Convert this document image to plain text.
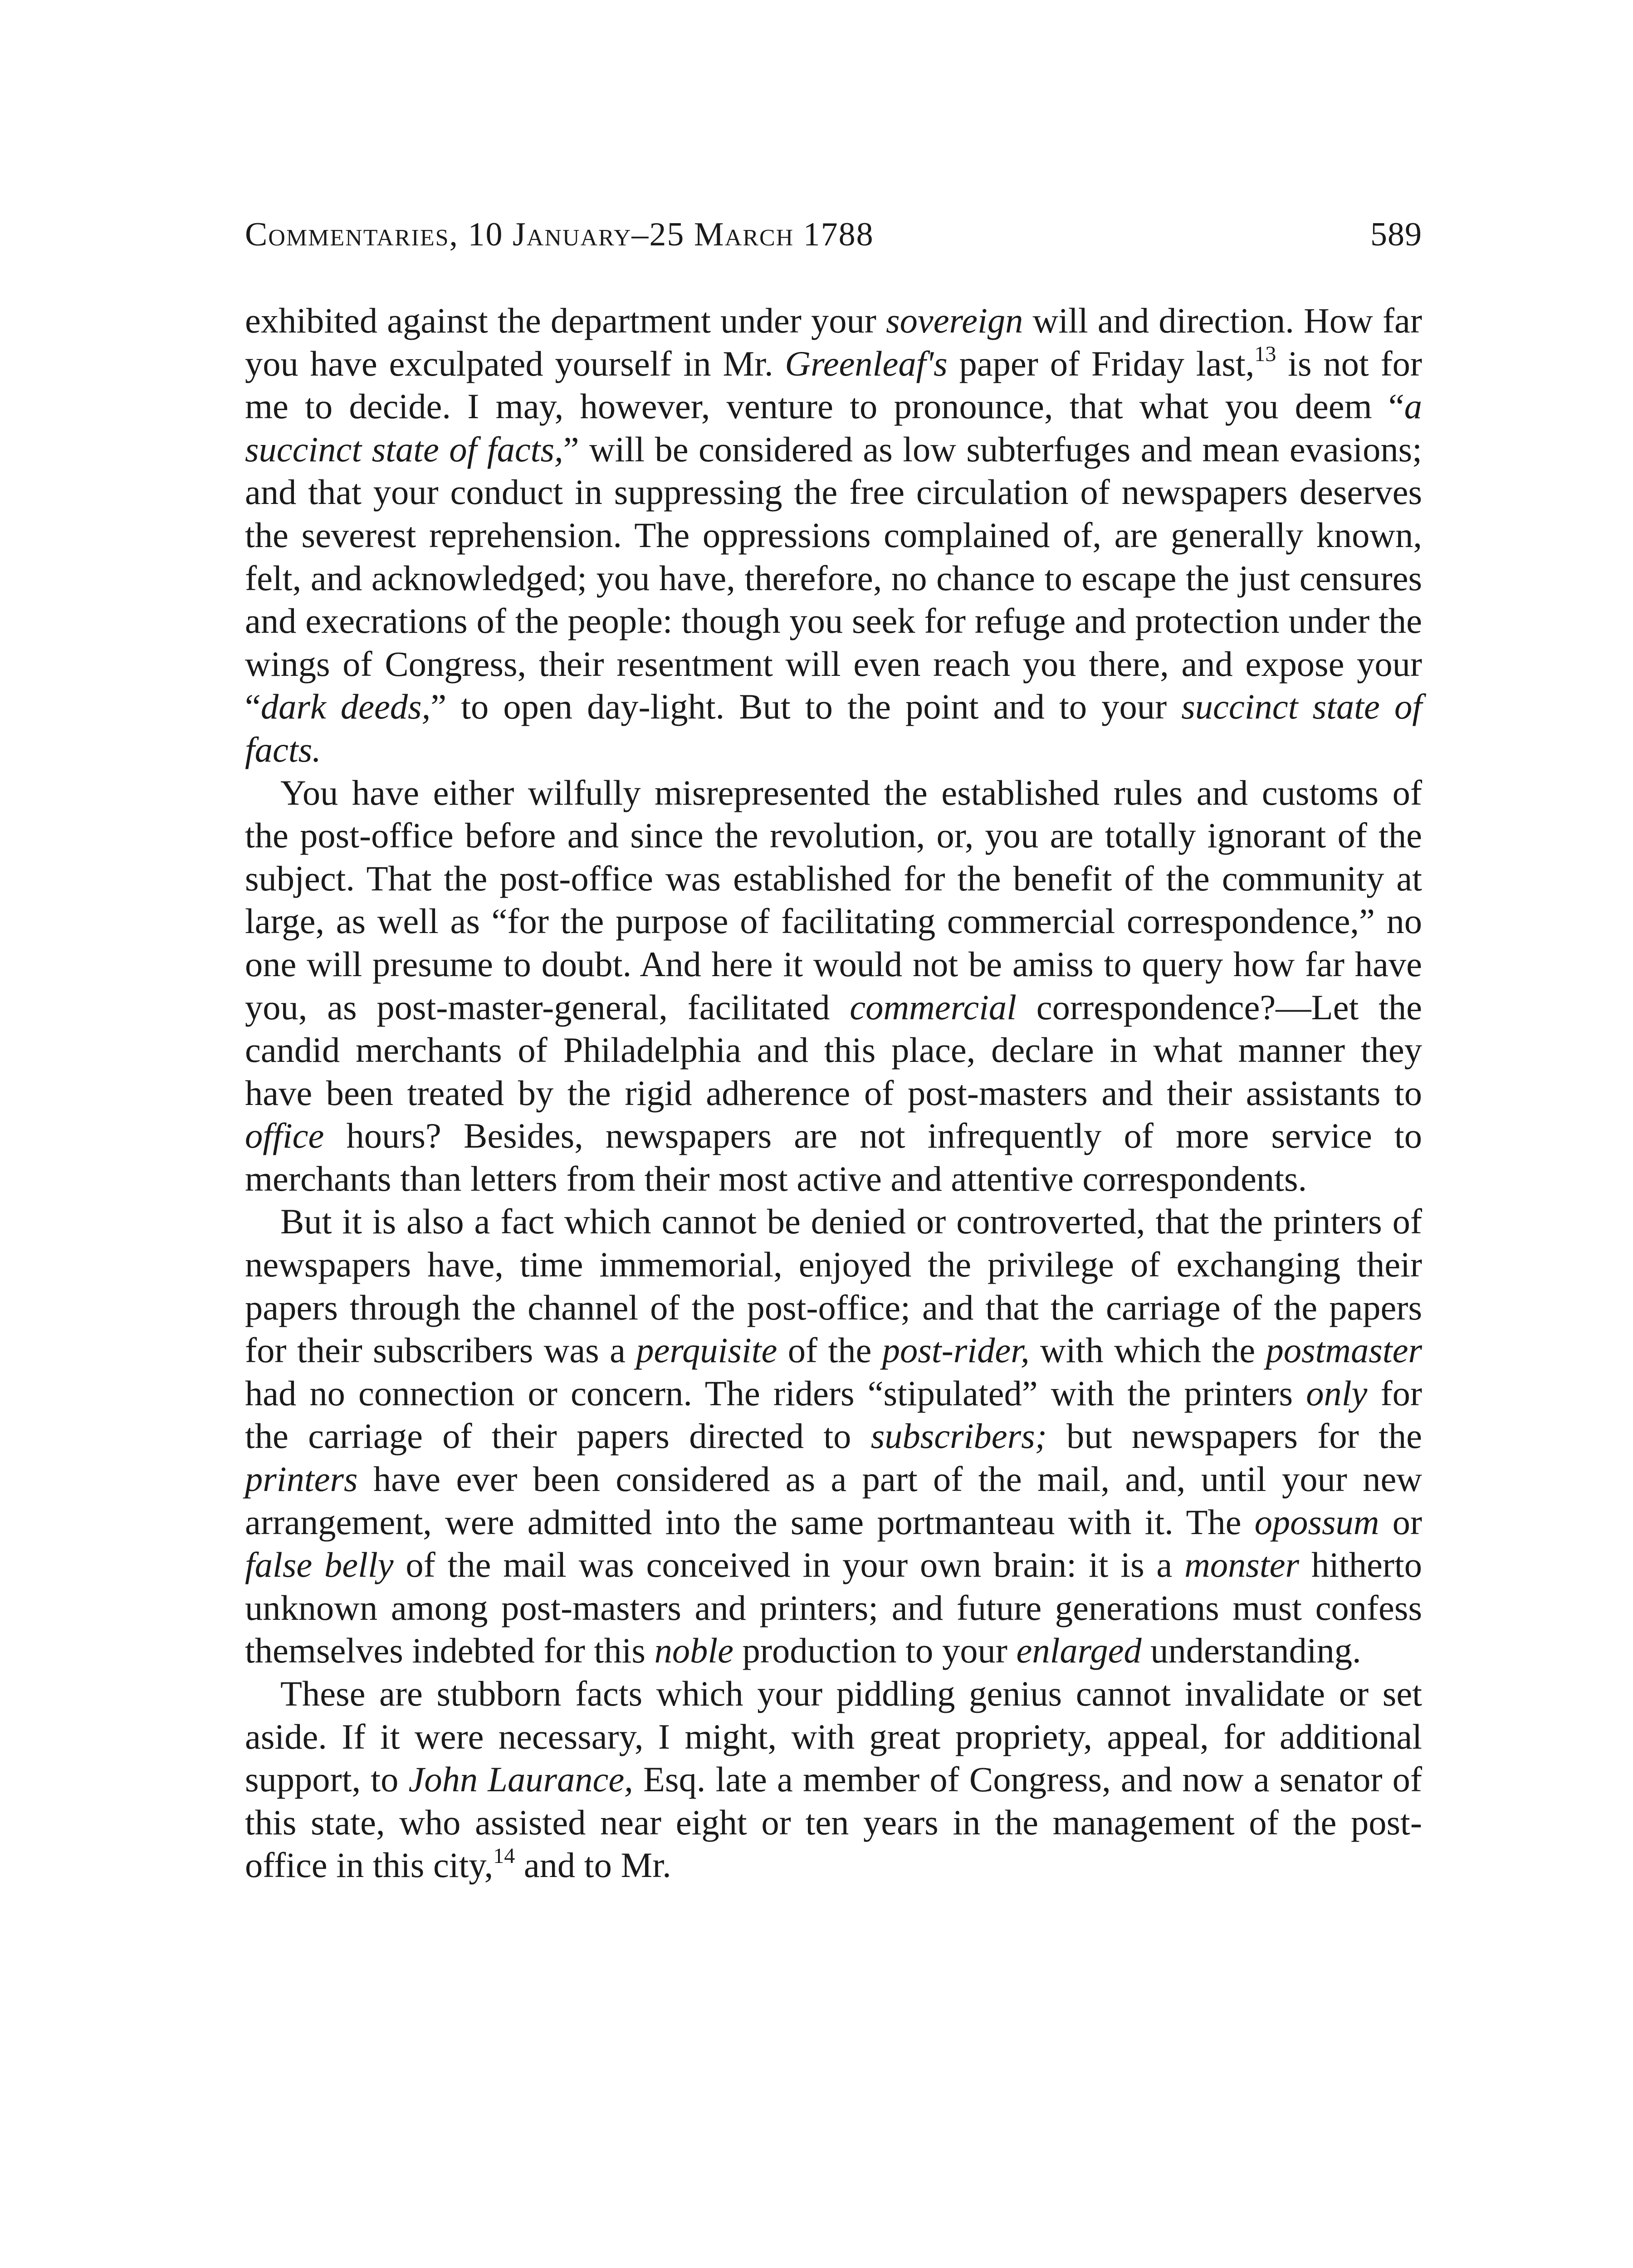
Commentaries, 10 January–25 March 1788	589

exhibited against the department under your sovereign will and direction. How far you have exculpated yourself in Mr. Greenleaf's paper of Friday last,$^{13}$ is not for me to decide. I may, however, venture to pronounce, that what you deem “a succinct state of facts,” will be considered as low subterfuges and mean evasions; and that your conduct in suppressing the free circulation of newspapers deserves the severest reprehension. The oppressions complained of, are generally known, felt, and acknowledged; you have, therefore, no chance to escape the just censures and execrations of the people: though you seek for refuge and protection under the wings of Congress, their resentment will even reach you there, and expose your “dark deeds,” to open day-light. But to the point and to your succinct state of facts.

You have either wilfully misrepresented the established rules and customs of the post-office before and since the revolution, or, you are totally ignorant of the subject. That the post-office was established for the benefit of the community at large, as well as “for the purpose of facilitating commercial correspondence,” no one will presume to doubt. And here it would not be amiss to query how far have you, as post-master-general, facilitated commercial correspondence?—Let the candid merchants of Philadelphia and this place, declare in what manner they have been treated by the rigid adherence of post-masters and their assistants to office hours? Besides, newspapers are not infrequently of more service to merchants than letters from their most active and attentive correspondents.

But it is also a fact which cannot be denied or controverted, that the printers of newspapers have, time immemorial, enjoyed the privilege of exchanging their papers through the channel of the post-office; and that the carriage of the papers for their subscribers was a perquisite of the post-rider, with which the postmaster had no connection or concern. The riders “stipulated” with the printers only for the carriage of their papers directed to subscribers; but newspapers for the printers have ever been considered as a part of the mail, and, until your new arrangement, were admitted into the same portmanteau with it. The opossum or false belly of the mail was conceived in your own brain: it is a monster hitherto unknown among post-masters and printers; and future generations must confess themselves indebted for this noble production to your enlarged understanding.

These are stubborn facts which your piddling genius cannot invalidate or set aside. If it were necessary, I might, with great propriety, appeal, for additional support, to John Laurance, Esq. late a member of Congress, and now a senator of this state, who assisted near eight or ten years in the management of the post-office in this city,$^{14}$ and to Mr.
